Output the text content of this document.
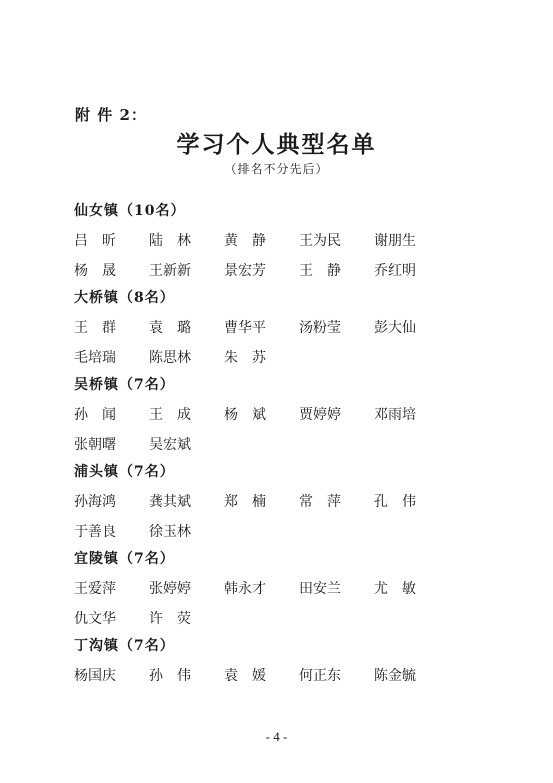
附 件 2：
学习个人典型名单
（排名不分先后）
仙女镇（10名）
吕　昕	陆　林	黄　静	王为民	谢朋生
杨　晟	王新新	景宏芳	王　静	乔红明
大桥镇（8名）
王　群	袁　璐	曹华平	汤粉莹	彭大仙
毛培瑞	陈思林	朱　苏
吴桥镇（7名）
孙　闻	王　成	杨　斌	贾婷婷	邓雨培
张朝曙	吴宏斌
浦头镇（7名）
孙海鸿	龚其斌	郑　楠	常　萍	孔　伟
于善良	徐玉林
宜陵镇（7名）
王爱萍	张婷婷	韩永才	田安兰	尤　敏
仇文华	许　荧
丁沟镇（7名）
杨国庆	孙　伟	袁　媛	何正东	陈金毓
- 4 -
